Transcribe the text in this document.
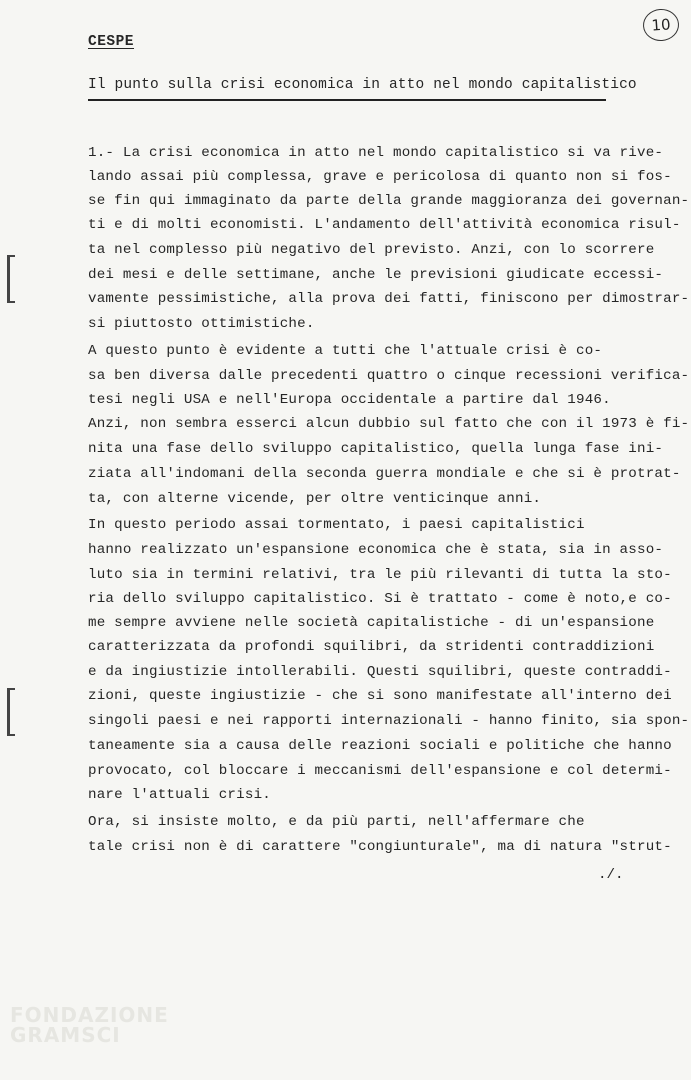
CESPE
10
Il punto sulla crisi economica in atto nel mondo capitalistico
1.- La crisi economica in atto nel mondo capitalistico si va rive-
lando assai più complessa, grave e pericolosa di quanto non si fos-
se fin qui immaginato da parte della grande maggioranza dei governan-
ti e di molti economisti. L'andamento dell'attività economica risul-
ta nel complesso più negativo del previsto. Anzi, con lo scorrere
dei mesi e delle settimane, anche le previsioni giudicate eccessi-
vamente pessimistiche, alla prova dei fatti, finiscono per dimostrar-
si piuttosto ottimistiche.
A questo punto è evidente a tutti che l'attuale crisi è co-
sa ben diversa dalle precedenti quattro o cinque recessioni verifica-
tesi negli USA e nell'Europa occidentale a partire dal 1946.
Anzi, non sembra esserci alcun dubbio sul fatto che con il 1973 è fi-
nita una fase dello sviluppo capitalistico, quella lunga fase ini-
ziata all'indomani della seconda guerra mondiale e che si è protrat-
ta, con alterne vicende, per oltre venticinque anni.
In questo periodo assai tormentato, i paesi capitalistici
hanno realizzato un'espansione economica che è stata, sia in asso-
luto sia in termini relativi, tra le più rilevanti di tutta la sto-
ria dello sviluppo capitalistico. Si è trattato - come è noto,e co-
me sempre avviene nelle società capitalistiche - di un'espansione
caratterizzata da profondi squilibri, da stridenti contraddizioni
e da ingiustizie intollerabili. Questi squilibri, queste contraddi-
zioni, queste ingiustizie - che si sono manifestate all'interno dei
singoli paesi e nei rapporti internazionali - hanno finito, sia spon-
taneamente sia a causa delle reazioni sociali e politiche che hanno
provocato, col bloccare i meccanismi dell'espansione e col determi-
nare l'attuali crisi.
Ora, si insiste molto, e da più parti, nell'affermare che
tale crisi non è di carattere "congiunturale", ma di natura "strut-
./.
FONDAZIONE
GRAMSCI
